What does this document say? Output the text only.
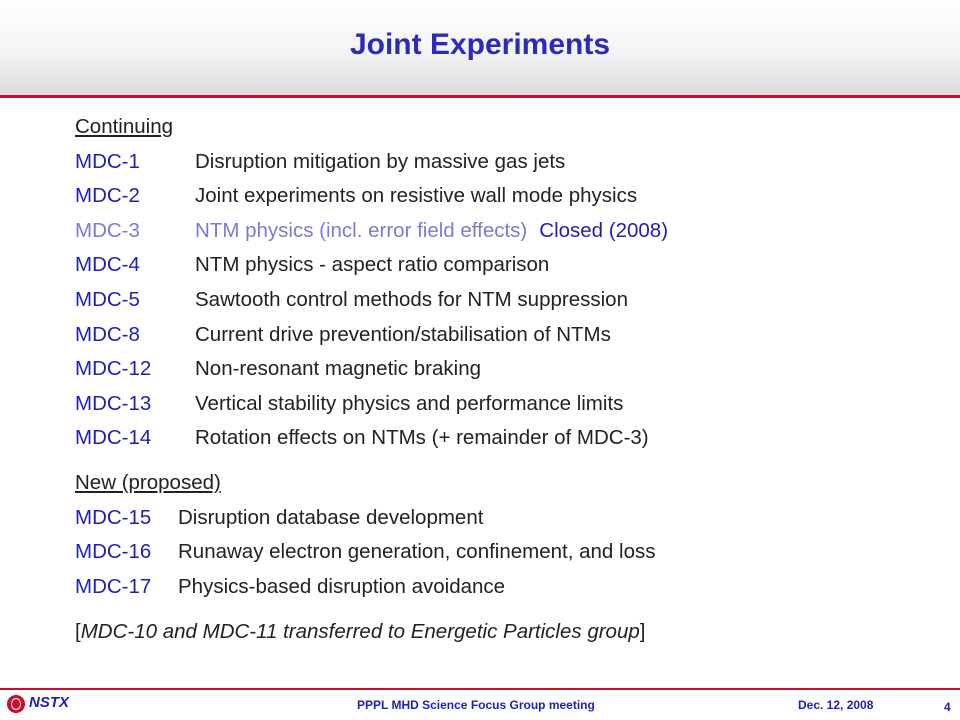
Joint Experiments
Continuing
MDC-1	Disruption mitigation by massive gas jets
MDC-2	Joint experiments on resistive wall mode physics
MDC-3	NTM physics (incl. error field effects) Closed (2008)
MDC-4	NTM physics - aspect ratio comparison
MDC-5	Sawtooth control methods for NTM suppression
MDC-8	Current drive prevention/stabilisation of NTMs
MDC-12 Non-resonant magnetic braking
MDC-13 Vertical stability physics and performance limits
MDC-14 Rotation effects on NTMs (+ remainder of MDC-3)
New (proposed)
MDC-15 Disruption database development
MDC-16 Runaway electron generation, confinement, and loss
MDC-17 Physics-based disruption avoidance
[MDC-10 and MDC-11 transferred to Energetic Particles group]
NSTX	PPPL MHD Science Focus Group meeting	Dec. 12, 2008	4
